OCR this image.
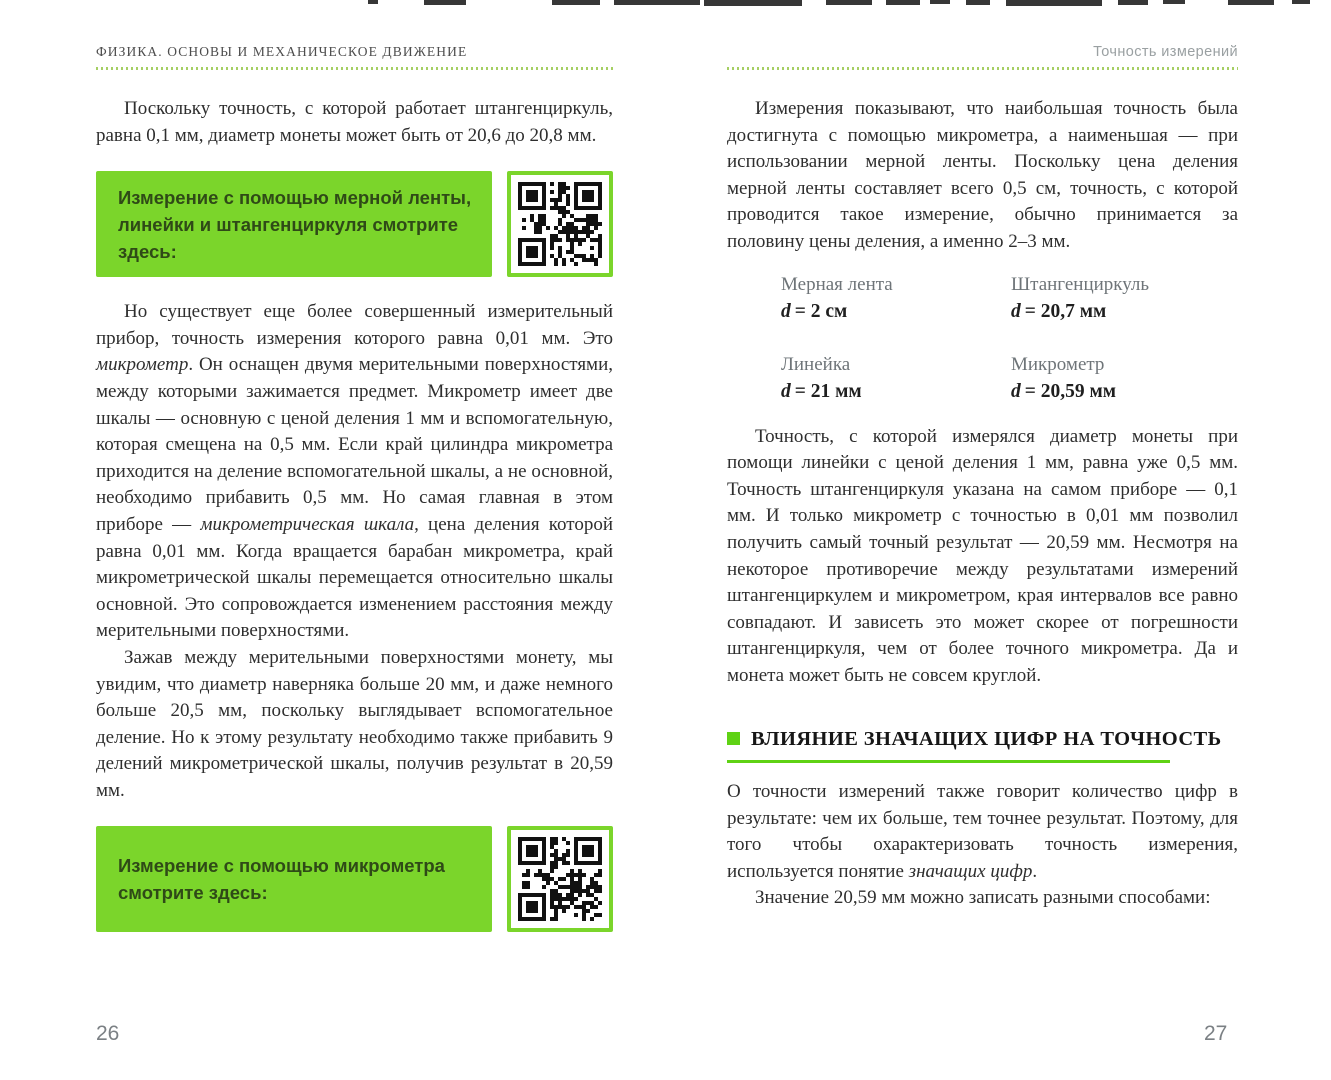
ФИЗИКА. ОСНОВЫ И МЕХАНИЧЕСКОЕ ДВИЖЕНИЕ

Поскольку точность, с которой работает штангенциркуль, равна 0,1 мм, диаметр монеты может быть от 20,6 до 20,8 мм.

Измерение с помощью мерной ленты, линейки и штангенциркуля смотрите здесь:

Но существует еще более совершенный измерительный прибор, точность измерения которого равна 0,01 мм. Это микрометр. Он оснащен двумя мерительными поверхностями, между которыми зажимается предмет. Микрометр имеет две шкалы — основную с ценой деления 1 мм и вспомогательную, которая смещена на 0,5 мм. Если край цилиндра микрометра приходится на деление вспомогательной шкалы, а не основной, необходимо прибавить 0,5 мм. Но самая главная в этом приборе — микрометрическая шкала, цена деления которой равна 0,01 мм. Когда вращается барабан микрометра, край микрометрической шкалы перемещается относительно шкалы основной. Это сопровождается изменением расстояния между мерительными поверхностями.

Зажав между мерительными поверхностями монету, мы увидим, что диаметр наверняка больше 20 мм, и даже немного больше 20,5 мм, поскольку выглядывает вспомогательное деление. Но к этому результату необходимо также прибавить 9 делений микрометрической шкалы, получив результат в 20,59 мм.

Измерение с помощью микрометра смотрите здесь:
Точность измерений

Измерения показывают, что наибольшая точность была достигнута с помощью микрометра, а наименьшая — при использовании мерной ленты. Поскольку цена деления мерной ленты составляет всего 0,5 см, точность, с которой проводится такое измерение, обычно принимается за половину цены деления, а именно 2–3 мм.

Мерная лента
d = 2 см
Штангенциркуль
d = 20,7 мм
Линейка
d = 21 мм
Микрометр
d = 20,59 мм

Точность, с которой измерялся диаметр монеты при помощи линейки с ценой деления 1 мм, равна уже 0,5 мм. Точность штангенциркуля указана на самом приборе — 0,1 мм. И только микрометр с точностью в 0,01 мм позволил получить самый точный результат — 20,59 мм. Несмотря на некоторое противоречие между результатами измерений штангенциркулем и микрометром, края интервалов все равно совпадают. И зависеть это может скорее от погрешности штангенциркуля, чем от более точного микрометра. Да и монета может быть не совсем круглой.

ВЛИЯНИЕ ЗНАЧАЩИХ ЦИФР НА ТОЧНОСТЬ

О точности измерений также говорит количество цифр в результате: чем их больше, тем точнее результат. Поэтому, для того чтобы охарактеризовать точность измерения, используется понятие значащих цифр.

Значение 20,59 мм можно записать разными способами:

26	27
